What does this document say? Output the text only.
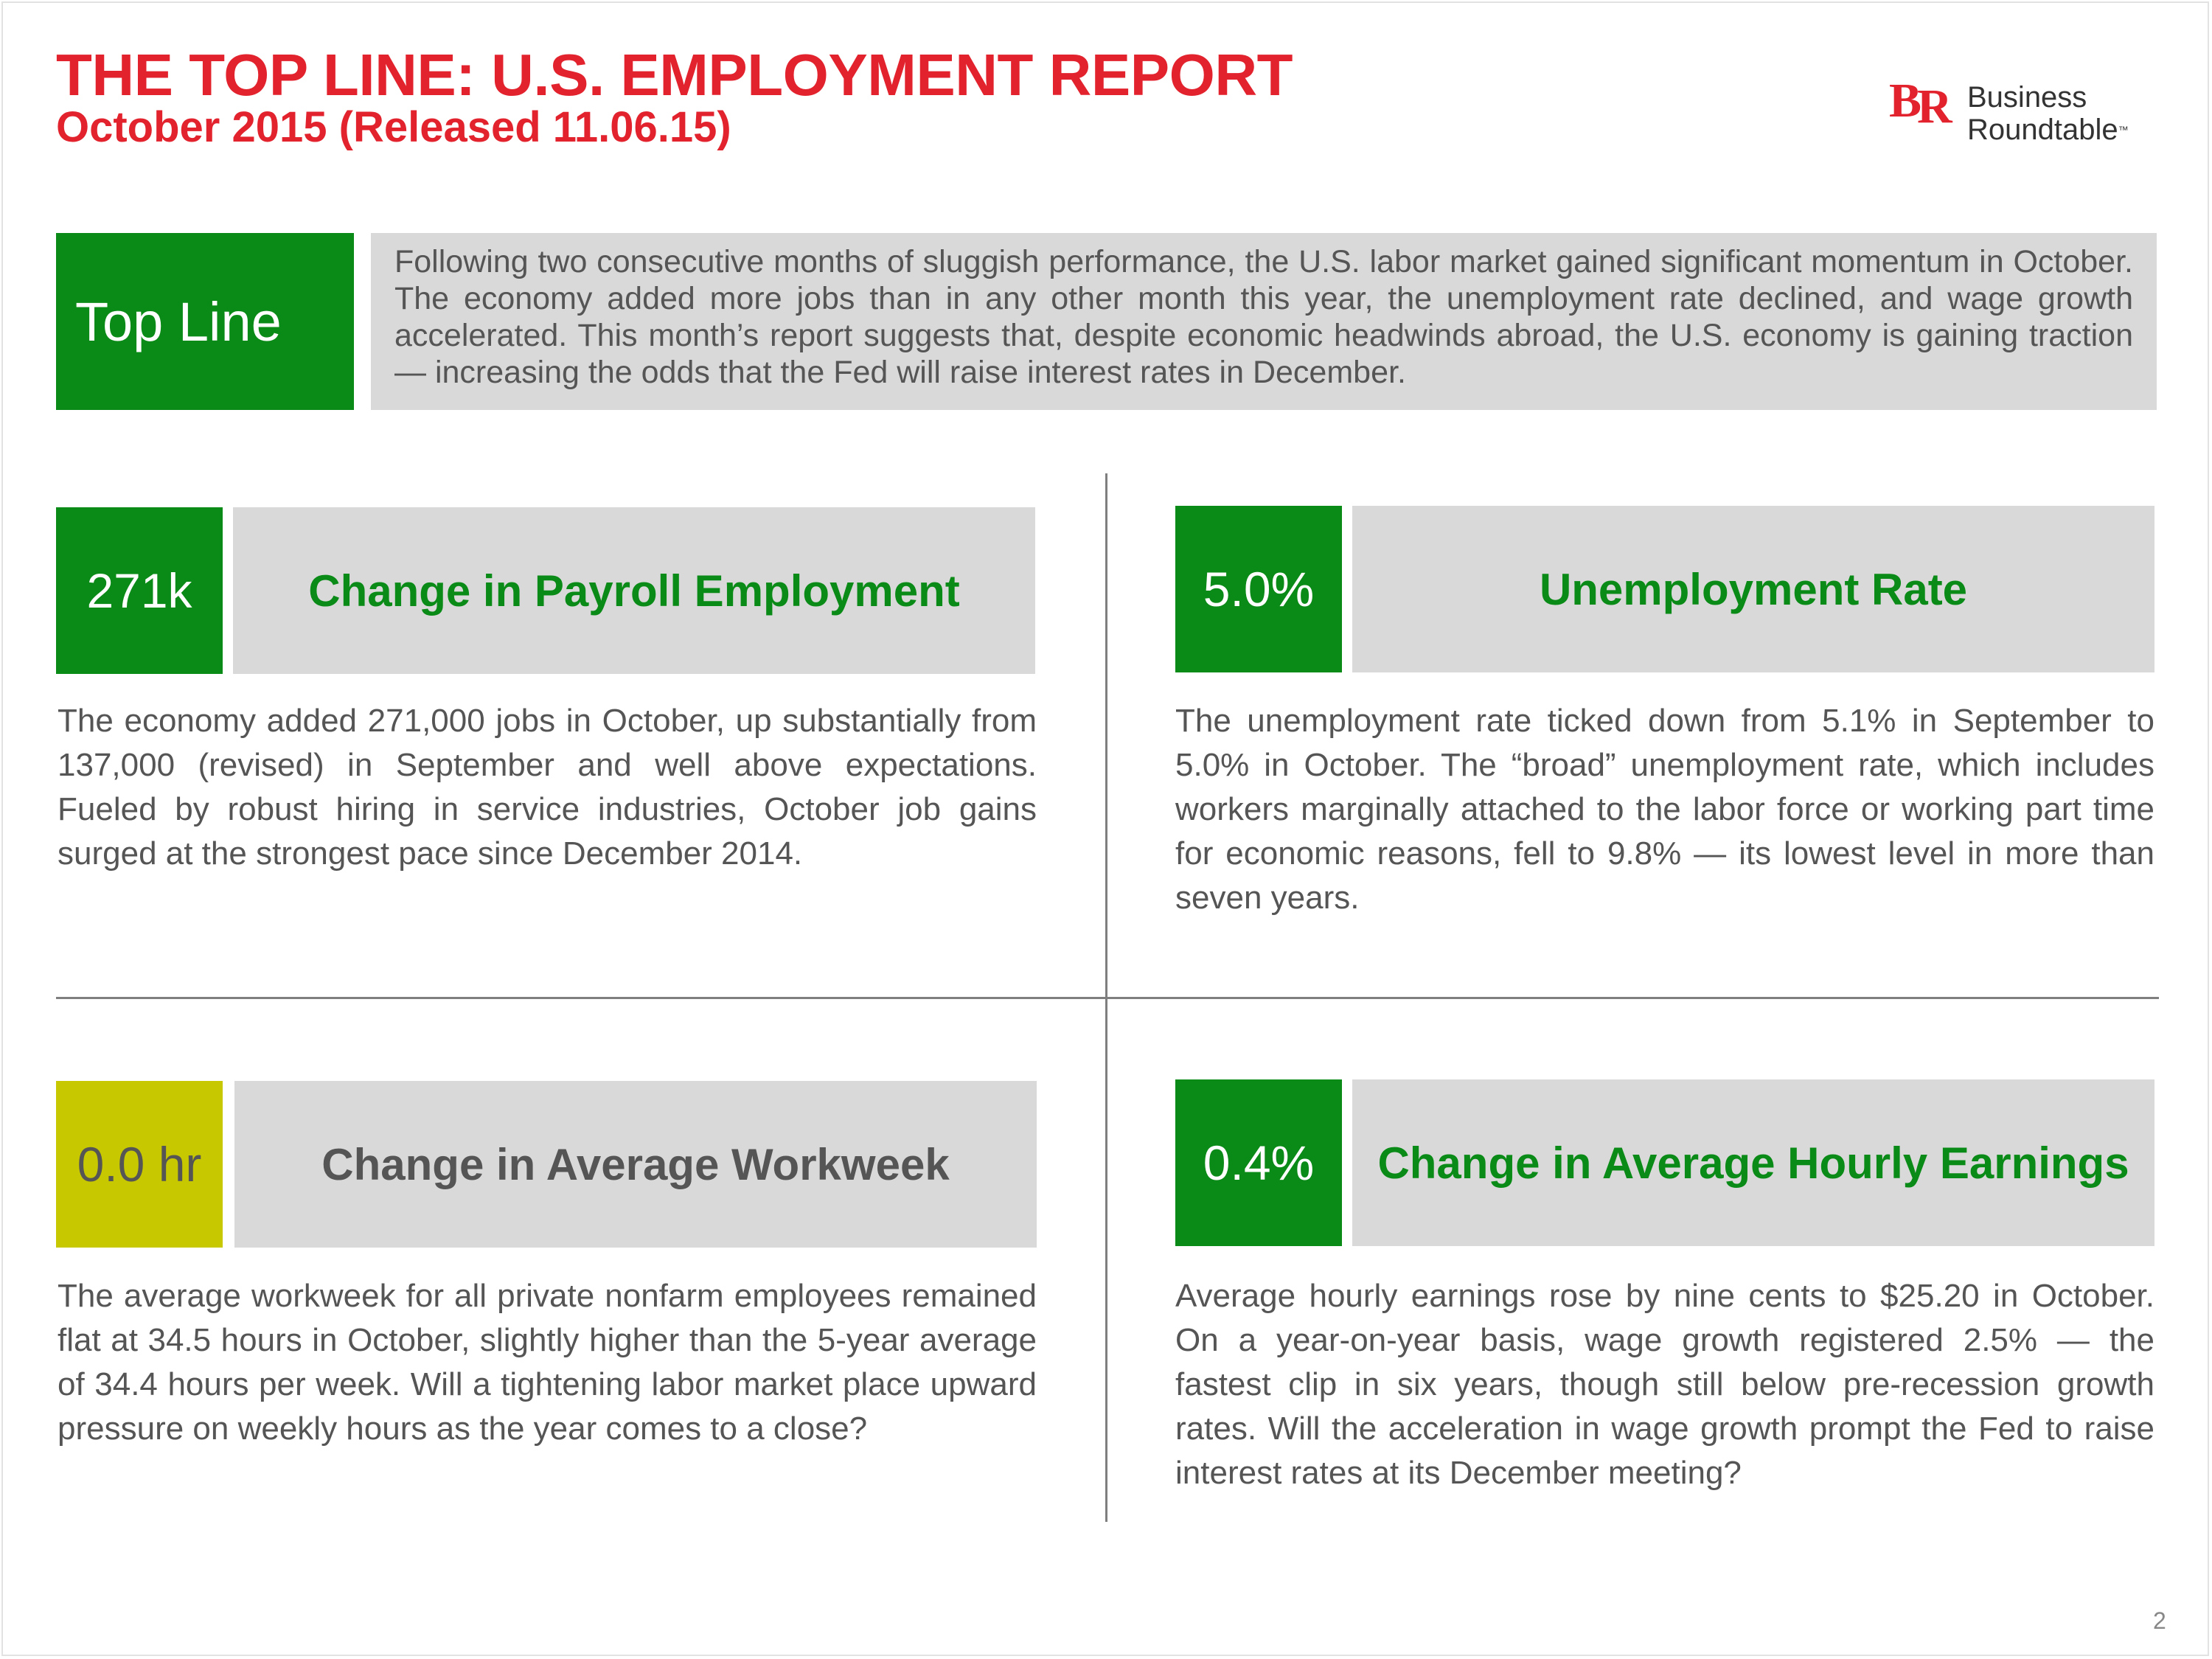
THE TOP LINE: U.S. EMPLOYMENT REPORT
October 2015 (Released 11.06.15)	B
R Business
Roundtable™
Top Line
Following two consecutive months of sluggish performance, the U.S. labor market gained significant momentum in October. The economy added more jobs than in any other month this year, the unemployment rate declined, and wage growth accelerated. This month’s report suggests that, despite economic headwinds abroad, the U.S. economy is gaining traction — increasing the odds that the Fed will raise interest rates in December.
271k	Change in Payroll Employment
The economy added 271,000 jobs in October, up substantially from 137,000 (revised) in September and well above expectations. Fueled by robust hiring in service industries, October job gains surged at the strongest pace since December 2014.
5.0%	Unemployment Rate
The unemployment rate ticked down from 5.1% in September to 5.0% in October. The “broad” unemployment rate, which includes workers marginally attached to the labor force or working part time for economic reasons, fell to 9.8% — its lowest level in more than seven years.
0.0 hr	Change in Average Workweek
The average workweek for all private nonfarm employees remained flat at 34.5 hours in October, slightly higher than the 5-year average of 34.4 hours per week. Will a tightening labor market place upward pressure on weekly hours as the year comes to a close?
0.4%	Change in Average Hourly Earnings
Average hourly earnings rose by nine cents to $25.20 in October. On a year-on-year basis, wage growth registered 2.5% — the fastest clip in six years, though still below pre-recession growth rates. Will the acceleration in wage growth prompt the Fed to raise interest rates at its December meeting?
2
